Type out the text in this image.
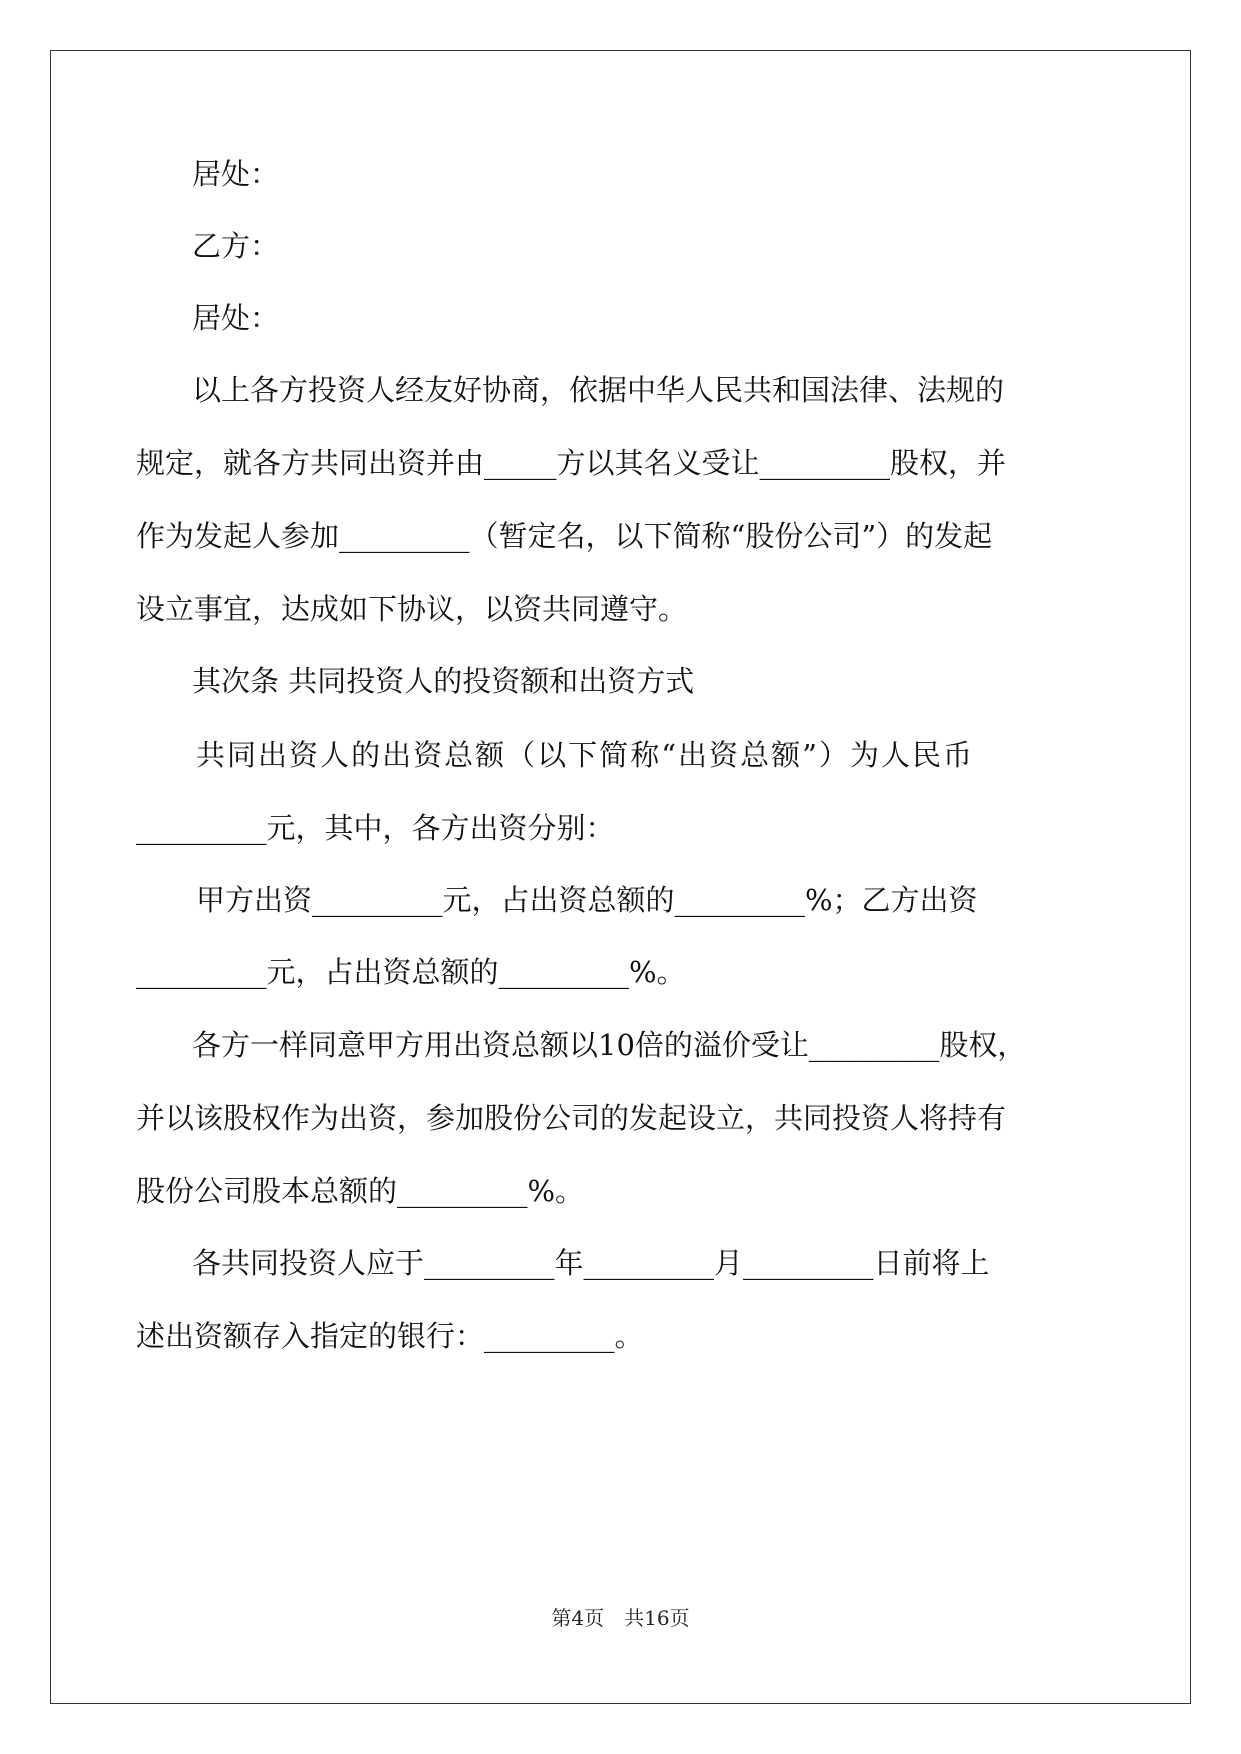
居处：
乙方：
居处：
以上各方投资人经友好协商，依据中华人民共和国法律、法规的
规定，就各方共同出资并由_____方以其名义受让_________股权，并
作为发起人参加_________（暂定名，以下简称“股份公司”）的发起
设立事宜，达成如下协议，以资共同遵守。
其次条 共同投资人的投资额和出资方式
共同出资人的出资总额（以下简称“出资总额”）为人民币
_________元，其中，各方出资分别：
甲方出资_________元，占出资总额的_________%；乙方出资
_________元，占出资总额的_________%。
各方一样同意甲方用出资总额以10倍的溢价受让_________股权，
并以该股权作为出资，参加股份公司的发起设立，共同投资人将持有
股份公司股本总额的_________%。
各共同投资人应于_________年_________月_________日前将上
述出资额存入指定的银行：_________。
第4页　共16页
